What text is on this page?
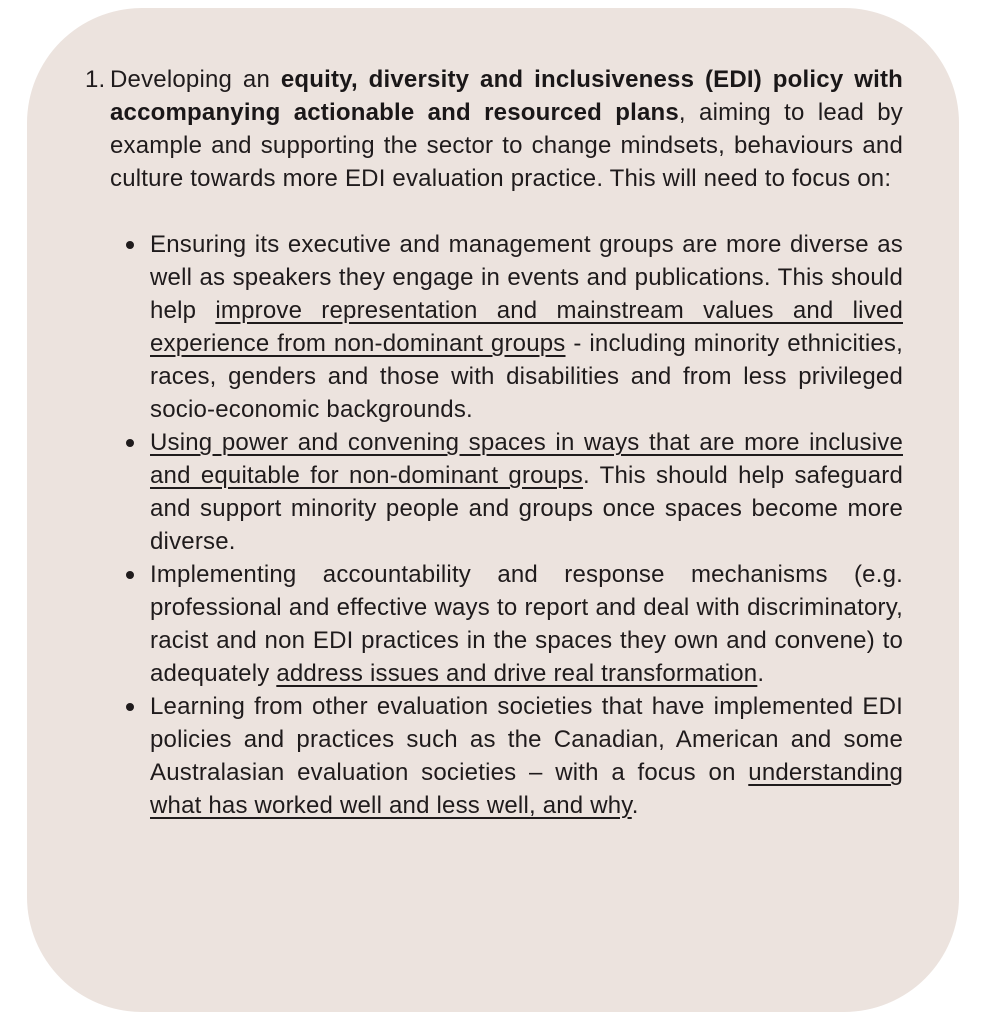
1. Developing an equity, diversity and inclusiveness (EDI) policy with accompanying actionable and resourced plans, aiming to lead by example and supporting the sector to change mindsets, behaviours and culture towards more EDI evaluation practice. This will need to focus on:

Ensuring its executive and management groups are more diverse as well as speakers they engage in events and publications. This should help improve representation and mainstream values and lived experience from non-dominant groups - including minority ethnicities, races, genders and those with disabilities and from less privileged socio-economic backgrounds.
Using power and convening spaces in ways that are more inclusive and equitable for non-dominant groups. This should help safeguard and support minority people and groups once spaces become more diverse.
Implementing accountability and response mechanisms (e.g. professional and effective ways to report and deal with discriminatory, racist and non EDI practices in the spaces they own and convene) to adequately address issues and drive real transformation.
Learning from other evaluation societies that have implemented EDI policies and practices such as the Canadian, American and some Australasian evaluation societies – with a focus on understanding what has worked well and less well, and why.
